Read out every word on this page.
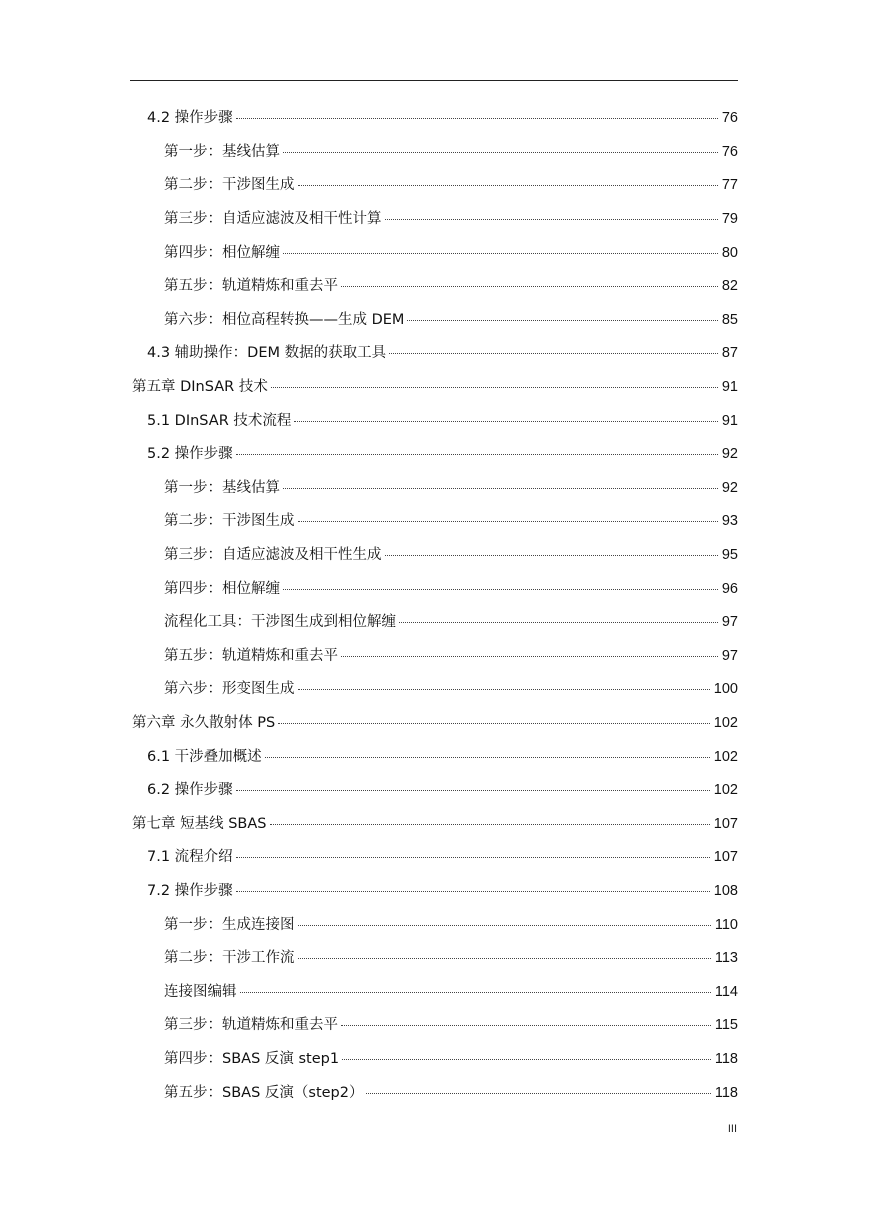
4.2 操作步骤	76
第一步：基线估算	76
第二步：干涉图生成	77
第三步：自适应滤波及相干性计算	79
第四步：相位解缠	80
第五步：轨道精炼和重去平	82
第六步：相位高程转换——生成 DEM	85
4.3 辅助操作：DEM 数据的获取工具	87
第五章 DInSAR 技术	91
5.1 DInSAR 技术流程	91
5.2 操作步骤	92
第一步：基线估算	92
第二步：干涉图生成	93
第三步：自适应滤波及相干性生成	95
第四步：相位解缠	96
流程化工具：干涉图生成到相位解缠	97
第五步：轨道精炼和重去平	97
第六步：形变图生成	100
第六章 永久散射体 PS	102
6.1 干涉叠加概述	102
6.2 操作步骤	102
第七章 短基线 SBAS	107
7.1 流程介绍	107
7.2 操作步骤	108
第一步：生成连接图	110
第二步：干涉工作流	113
连接图编辑	114
第三步：轨道精炼和重去平	115
第四步：SBAS 反演 step1	118
第五步：SBAS 反演（step2）	118
III
